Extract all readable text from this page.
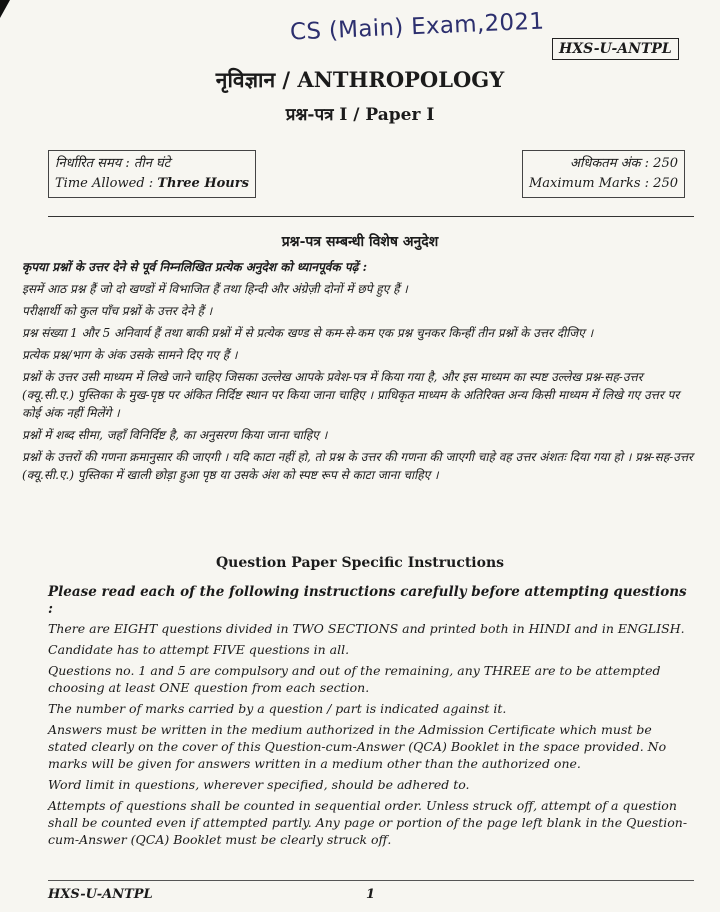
CS (Main) Exam,2021
HXS-U-ANTPL
नृविज्ञान / ANTHROPOLOGY
प्रश्न-पत्र I / Paper I
निर्धारित समय : तीन घंटे
Time Allowed : Three Hours
अधिकतम अंक : 250
Maximum Marks : 250
प्रश्न-पत्र सम्बन्धी विशेष अनुदेश

कृपया प्रश्नों के उत्तर देने से पूर्व निम्नलिखित प्रत्येक अनुदेश को ध्यानपूर्वक पढ़ें :

इसमें आठ प्रश्न हैं जो दो खण्डों में विभाजित हैं तथा हिन्दी और अंग्रेज़ी दोनों में छपे हुए हैं ।

परीक्षार्थी को कुल पाँच प्रश्नों के उत्तर देने हैं ।

प्रश्न संख्या 1 और 5 अनिवार्य हैं तथा बाकी प्रश्नों में से प्रत्येक खण्ड से कम-से-कम एक प्रश्न चुनकर किन्हीं तीन प्रश्नों के उत्तर दीजिए ।

प्रत्येक प्रश्न/भाग के अंक उसके सामने दिए गए हैं ।

प्रश्नों के उत्तर उसी माध्यम में लिखे जाने चाहिए जिसका उल्लेख आपके प्रवेश-पत्र में किया गया है, और इस माध्यम का स्पष्ट उल्लेख प्रश्न-सह-उत्तर (क्यू.सी.ए.) पुस्तिका के मुख-पृष्ठ पर अंकित निर्दिष्ट स्थान पर किया जाना चाहिए । प्राधिकृत माध्यम के अतिरिक्त अन्य किसी माध्यम में लिखे गए उत्तर पर कोई अंक नहीं मिलेंगे ।

प्रश्नों में शब्द सीमा, जहाँ विनिर्दिष्ट है, का अनुसरण किया जाना चाहिए ।

प्रश्नों के उत्तरों की गणना क्रमानुसार की जाएगी । यदि काटा नहीं हो, तो प्रश्न के उत्तर की गणना की जाएगी चाहे वह उत्तर अंशतः दिया गया हो । प्रश्न-सह-उत्तर (क्यू.सी.ए.) पुस्तिका में खाली छोड़ा हुआ पृष्ठ या उसके अंश को स्पष्ट रूप से काटा जाना चाहिए ।

Question Paper Specific Instructions

Please read each of the following instructions carefully before attempting questions :

There are EIGHT questions divided in TWO SECTIONS and printed both in HINDI and in ENGLISH.

Candidate has to attempt FIVE questions in all.

Questions no. 1 and 5 are compulsory and out of the remaining, any THREE are to be attempted choosing at least ONE question from each section.

The number of marks carried by a question / part is indicated against it.

Answers must be written in the medium authorized in the Admission Certificate which must be stated clearly on the cover of this Question-cum-Answer (QCA) Booklet in the space provided. No marks will be given for answers written in a medium other than the authorized one.

Word limit in questions, wherever specified, should be adhered to.

Attempts of questions shall be counted in sequential order. Unless struck off, attempt of a question shall be counted even if attempted partly. Any page or portion of the page left blank in the Question-cum-Answer (QCA) Booklet must be clearly struck off.

HXS-U-ANTPL	1
